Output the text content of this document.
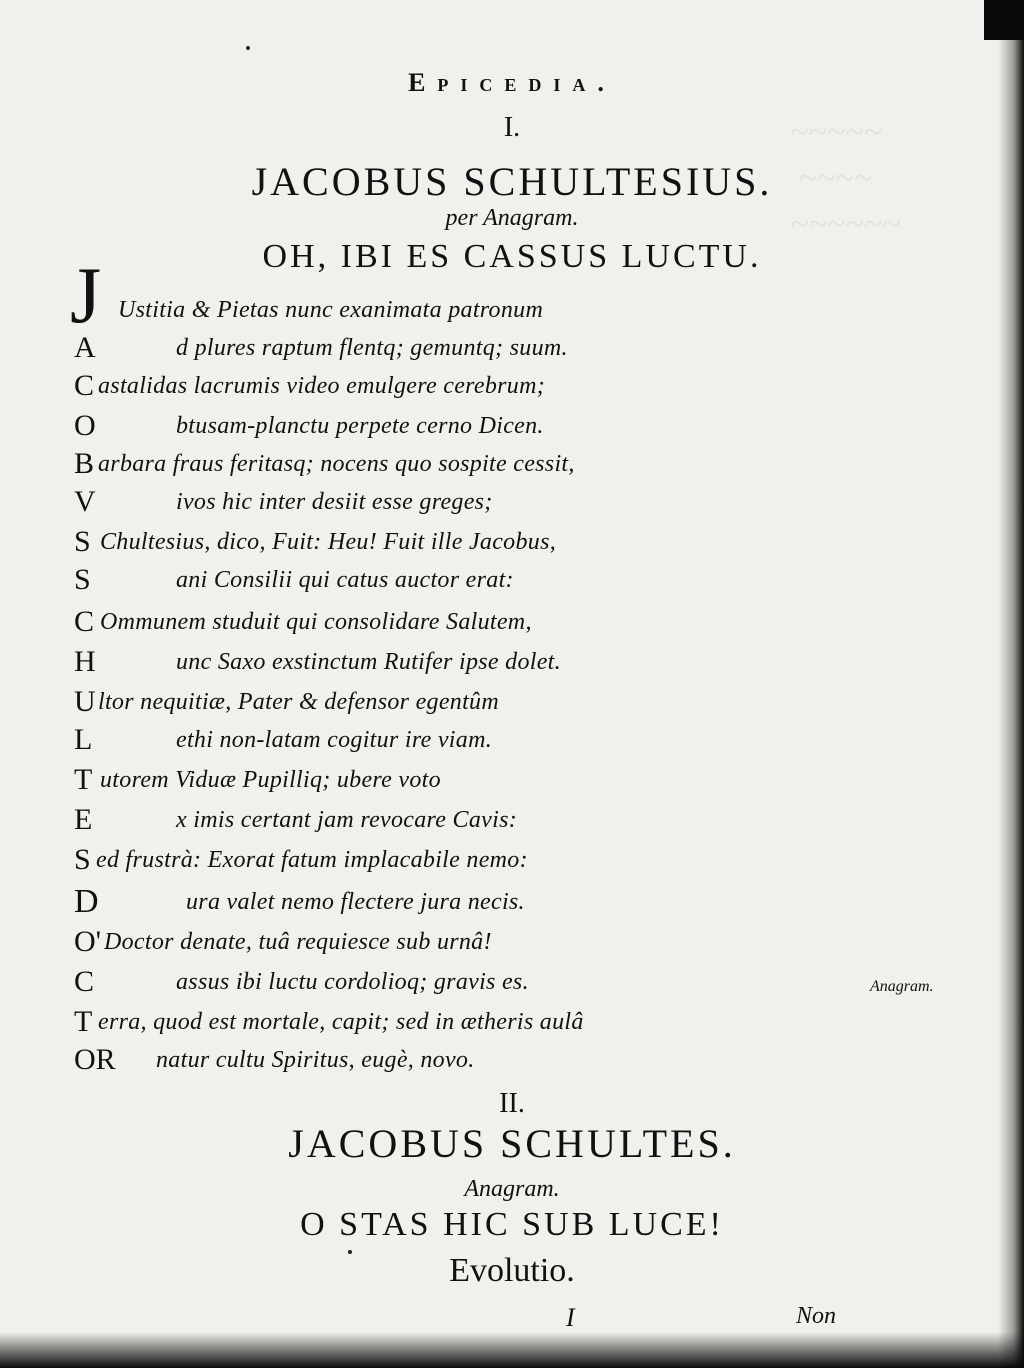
~~~~~
~~~~
~~~~~~
Epicedia.
I.
JACOBUS SCHULTESIUS.
per Anagram.
OH, IBI ES CASSUS LUCTU.
J Ustitia & Pietas nunc exanimata patronum
A	d plures raptum flentq; gemuntq; suum.
C astalidas lacrumis video emulgere cerebrum;
O	btusam-planctu perpete cerno Dicen.
B arbara fraus feritasq; nocens quo sospite cessit,
V	ivos hic inter desiit esse greges;
S Chultesius, dico, Fuit: Heu! Fuit ille Jacobus,
S	ani Consilii qui catus auctor erat:
C Ommunem studuit qui consolidare Salutem,
H	unc Saxo exstinctum Rutifer ipse dolet.
U ltor nequitiæ, Pater & defensor egentûm
L	ethi non-latam cogitur ire viam.
T utorem Viduæ Pupilliq; ubere voto
E	x imis certant jam revocare Cavis:
S ed frustrà: Exorat fatum implacabile nemo:
D	ura valet nemo flectere jura necis.
O' Doctor denate, tuâ requiesce sub urnâ!
C	assus ibi luctu cordolioq; gravis es.
T erra, quod est mortale, capit; sed in ætheris aulâ
OR natur cultu Spiritus, eugè, novo.
Anagram.
II.
JACOBUS SCHULTES.
Anagram.
O STAS HIC SUB LUCE!
Evolutio.
I	Non
